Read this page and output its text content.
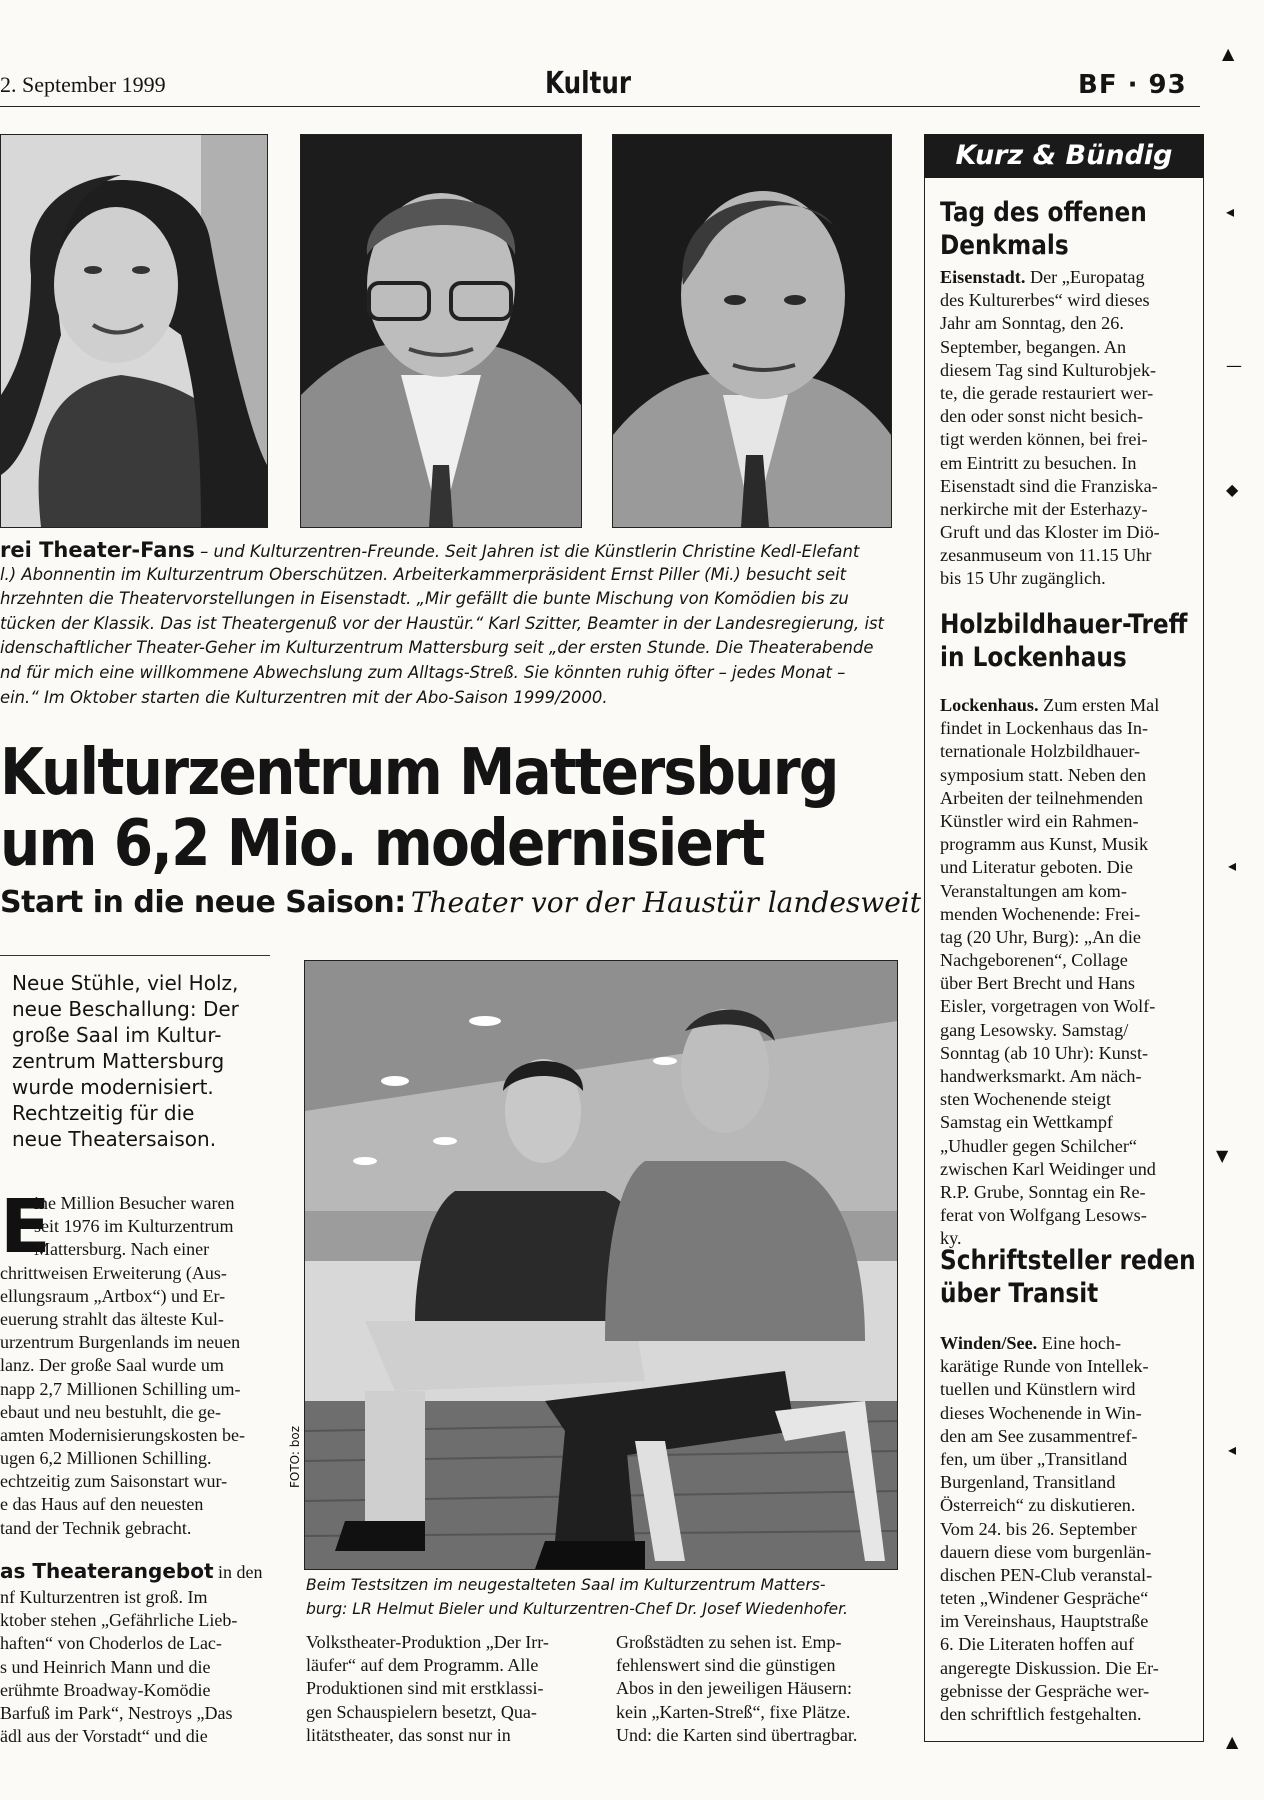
2. September 1999	Kultur	BF · 93
rei Theater-Fans – und Kulturzentren-Freunde. Seit Jahren ist die Künstlerin Christine Kedl-Elefant
l.) Abonnentin im Kulturzentrum Oberschützen. Arbeiterkammerpräsident Ernst Piller (Mi.) besucht seit
hrzehnten die Theatervorstellungen in Eisenstadt. „Mir gefällt die bunte Mischung von Komödien bis zu
tücken der Klassik. Das ist Theatergenuß vor der Haustür.“ Karl Szitter, Beamter in der Landesregierung, ist
idenschaftlicher Theater-Geher im Kulturzentrum Mattersburg seit „der ersten Stunde. Die Theaterabende
nd für mich eine willkommene Abwechslung zum Alltags-Streß. Sie könnten ruhig öfter – jedes Monat –
ein.“ Im Oktober starten die Kulturzentren mit der Abo-Saison 1999/2000.
Kulturzentrum Mattersburg
um 6,2 Mio. modernisiert
Start in die neue Saison: Theater vor der Haustür landesweit
Neue Stühle, viel Holz,
neue Beschallung: Der
große Saal im Kultur-
zentrum Mattersburg
wurde modernisiert.
Rechtzeitig für die
neue Theatersaison.
E
ine Million Besucher waren
seit 1976 im Kulturzentrum
Mattersburg. Nach einer
chrittweisen Erweiterung (Aus-
ellungsraum „Artbox“) und Er-
euerung strahlt das älteste Kul-
urzentrum Burgenlands im neuen
lanz. Der große Saal wurde um
napp 2,7 Millionen Schilling um-
ebaut und neu bestuhlt, die ge-
amten Modernisierungskosten be-
ugen 6,2 Millionen Schilling.
echtzeitig zum Saisonstart wur-
e das Haus auf den neuesten
tand der Technik gebracht.
as Theaterangebot in den
nf Kulturzentren ist groß. Im
ktober stehen „Gefährliche Lieb-
haften“ von Choderlos de Lac-
s und Heinrich Mann und die
erühmte Broadway-Komödie
Barfuß im Park“, Nestroys „Das
ädl aus der Vorstadt“ und die
FOTO: boz
Beim Testsitzen im neugestalteten Saal im Kulturzentrum Matters-
burg: LR Helmut Bieler und Kulturzentren-Chef Dr. Josef Wiedenhofer.
Volkstheater-Produktion „Der Irr-
läufer“ auf dem Programm. Alle
Produktionen sind mit erstklassi-
gen Schauspielern besetzt, Qua-
litätstheater, das sonst nur in
Großstädten zu sehen ist. Emp-
fehlenswert sind die günstigen
Abos in den jeweiligen Häusern:
kein „Karten-Streß“, fixe Plätze.
Und: die Karten sind übertragbar.
Kurz & Bündig
Tag des offenen
Denkmals
Eisenstadt. Der „Europatag
des Kulturerbes“ wird dieses
Jahr am Sonntag, den 26.
September, begangen. An
diesem Tag sind Kulturobjek-
te, die gerade restauriert wer-
den oder sonst nicht besich-
tigt werden können, bei frei-
em Eintritt zu besuchen. In
Eisenstadt sind die Franziska-
nerkirche mit der Esterhazy-
Gruft und das Kloster im Diö-
zesanmuseum von 11.15 Uhr
bis 15 Uhr zugänglich.
Holzbildhauer-Treff
in Lockenhaus
Lockenhaus. Zum ersten Mal
findet in Lockenhaus das In-
ternationale Holzbildhauer-
symposium statt. Neben den
Arbeiten der teilnehmenden
Künstler wird ein Rahmen-
programm aus Kunst, Musik
und Literatur geboten. Die
Veranstaltungen am kom-
menden Wochenende: Frei-
tag (20 Uhr, Burg): „An die
Nachgeborenen“, Collage
über Bert Brecht und Hans
Eisler, vorgetragen von Wolf-
gang Lesowsky. Samstag/
Sonntag (ab 10 Uhr): Kunst-
handwerksmarkt. Am näch-
sten Wochenende steigt
Samstag ein Wettkampf
„Uhudler gegen Schilcher“
zwischen Karl Weidinger und
R.P. Grube, Sonntag ein Re-
ferat von Wolfgang Lesows-
ky.
Schriftsteller reden
über Transit
Winden/See. Eine hoch-
karätige Runde von Intellek-
tuellen und Künstlern wird
dieses Wochenende in Win-
den am See zusammentref-
fen, um über „Transitland
Burgenland, Transitland
Österreich“ zu diskutieren.
Vom 24. bis 26. September
dauern diese vom burgenlän-
dischen PEN-Club veranstal-
teten „Windener Gespräche“
im Vereinshaus, Hauptstraße
6. Die Literaten hoffen auf
angeregte Diskussion. Die Er-
gebnisse der Gespräche wer-
den schriftlich festgehalten.
▲
◂
—
◆
◂
▼
◂
▲
